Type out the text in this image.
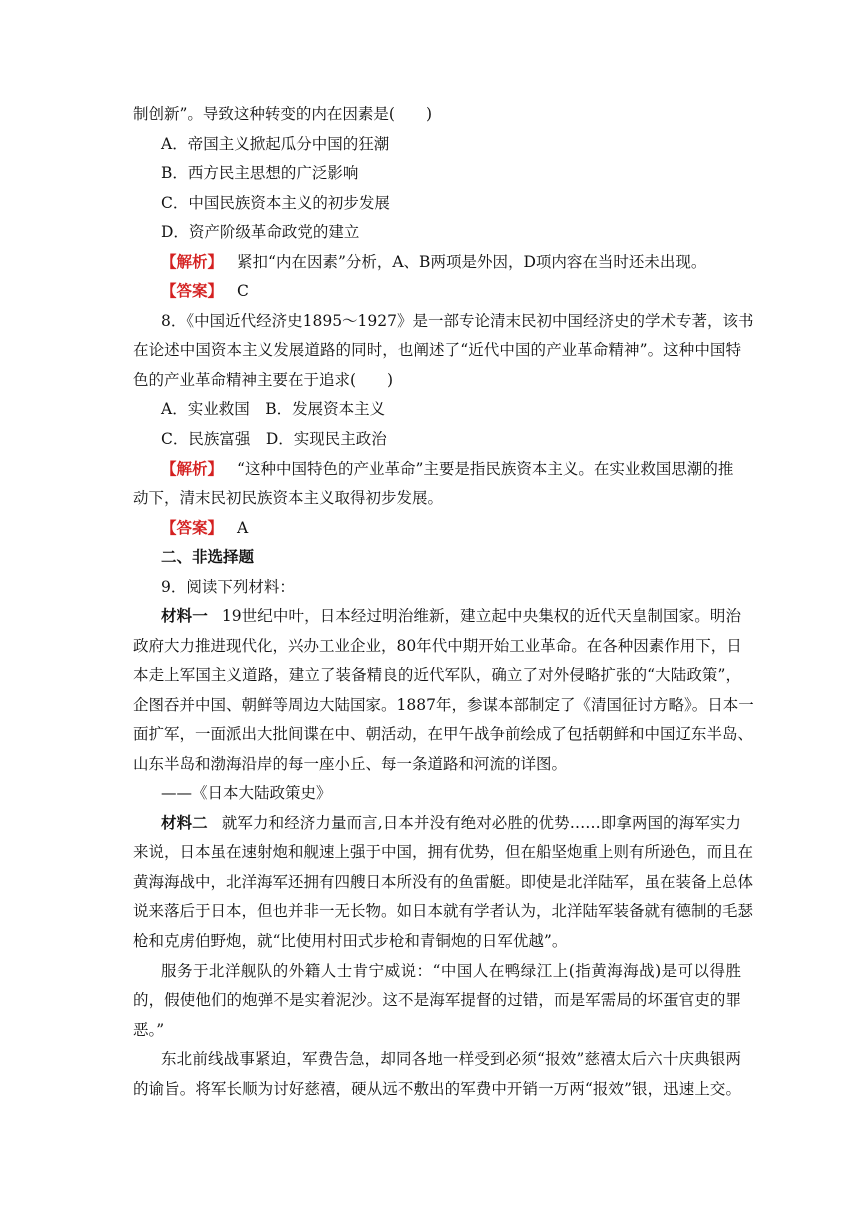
制创新”。导致这种转变的内在因素是(　　)
A．帝国主义掀起瓜分中国的狂潮
B．西方民主思想的广泛影响
C．中国民族资本主义的初步发展
D．资产阶级革命政党的建立
【解析】 紧扣“内在因素”分析，A、B两项是外因，D项内容在当时还未出现。
【答案】 C
8．《中国近代经济史1895～1927》是一部专论清末民初中国经济史的学术专著，该书
在论述中国资本主义发展道路的同时，也阐述了“近代中国的产业革命精神”。这种中国特
色的产业革命精神主要在于追求(　　)
A．实业救国　B．发展资本主义
C．民族富强　D．实现民主政治
【解析】 “这种中国特色的产业革命”主要是指民族资本主义。在实业救国思潮的推
动下，清末民初民族资本主义取得初步发展。
【答案】 A
二、非选择题
9．阅读下列材料：
材料一 19世纪中叶，日本经过明治维新，建立起中央集权的近代天皇制国家。明治
政府大力推进现代化，兴办工业企业，80年代中期开始工业革命。在各种因素作用下，日
本走上军国主义道路，建立了装备精良的近代军队，确立了对外侵略扩张的“大陆政策”，
企图吞并中国、朝鲜等周边大陆国家。1887年，参谋本部制定了《清国征讨方略》。日本一
面扩军，一面派出大批间谍在中、朝活动，在甲午战争前绘成了包括朝鲜和中国辽东半岛、
山东半岛和渤海沿岸的每一座小丘、每一条道路和河流的详图。
——《日本大陆政策史》
材料二 就军力和经济力量而言,日本并没有绝对必胜的优势……即拿两国的海军实力
来说，日本虽在速射炮和舰速上强于中国，拥有优势，但在船坚炮重上则有所逊色，而且在
黄海海战中，北洋海军还拥有四艘日本所没有的鱼雷艇。即使是北洋陆军，虽在装备上总体
说来落后于日本，但也并非一无长物。如日本就有学者认为，北洋陆军装备就有德制的毛瑟
枪和克虏伯野炮，就“比使用村田式步枪和青铜炮的日军优越”。
服务于北洋舰队的外籍人士肯宁威说：“中国人在鸭绿江上(指黄海海战)是可以得胜
的，假使他们的炮弹不是实着泥沙。这不是海军提督的过错，而是军需局的坏蛋官吏的罪
恶。”
东北前线战事紧迫，军费告急，却同各地一样受到必须“报效”慈禧太后六十庆典银两
的谕旨。将军长顺为讨好慈禧，硬从远不敷出的军费中开销一万两“报效”银，迅速上交。
